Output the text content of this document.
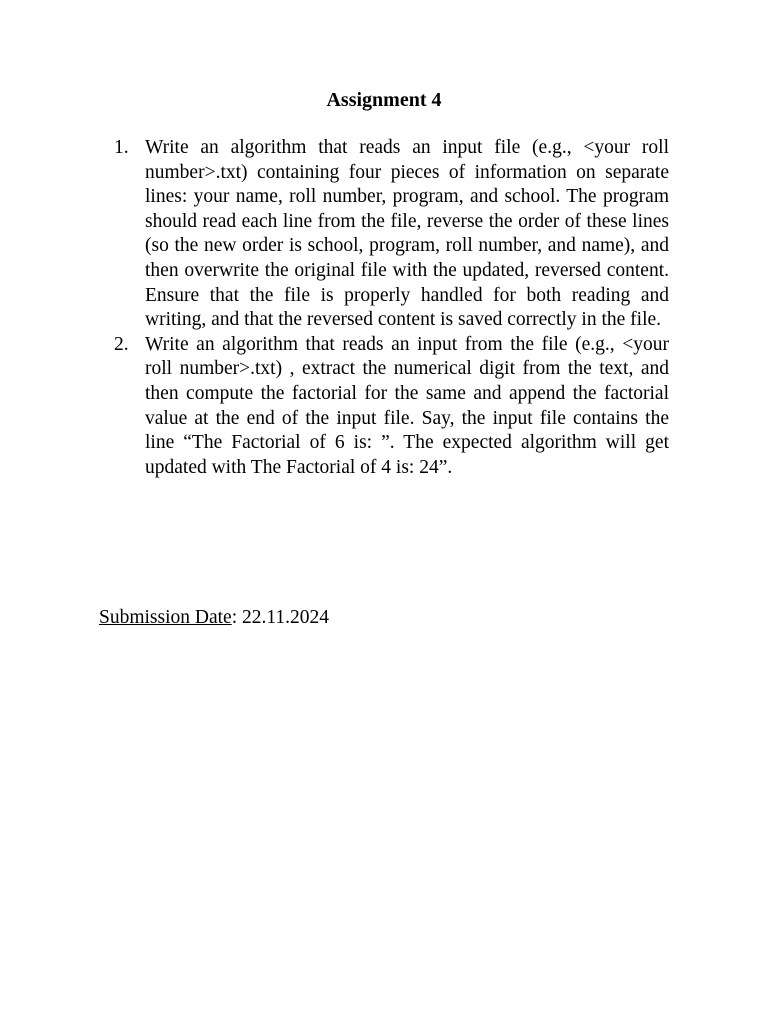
Assignment 4
1. Write an algorithm that reads an input file (e.g., <your roll number>.txt) containing four pieces of information on separate lines: your name, roll number, program, and school. The program should read each line from the file, reverse the order of these lines (so the new order is school, program, roll number, and name), and then overwrite the original file with the updated, reversed content. Ensure that the file is properly handled for both reading and writing, and that the reversed content is saved correctly in the file.
2. Write an algorithm that reads an input from the file (e.g., <your roll number>.txt) , extract the numerical digit from the text, and then compute the factorial for the same and append the factorial value at the end of the input file. Say, the input file contains the line “The Factorial of 6 is: ”. The expected algorithm will get updated with The Factorial of 4 is: 24”.

Submission Date: 22.11.2024
